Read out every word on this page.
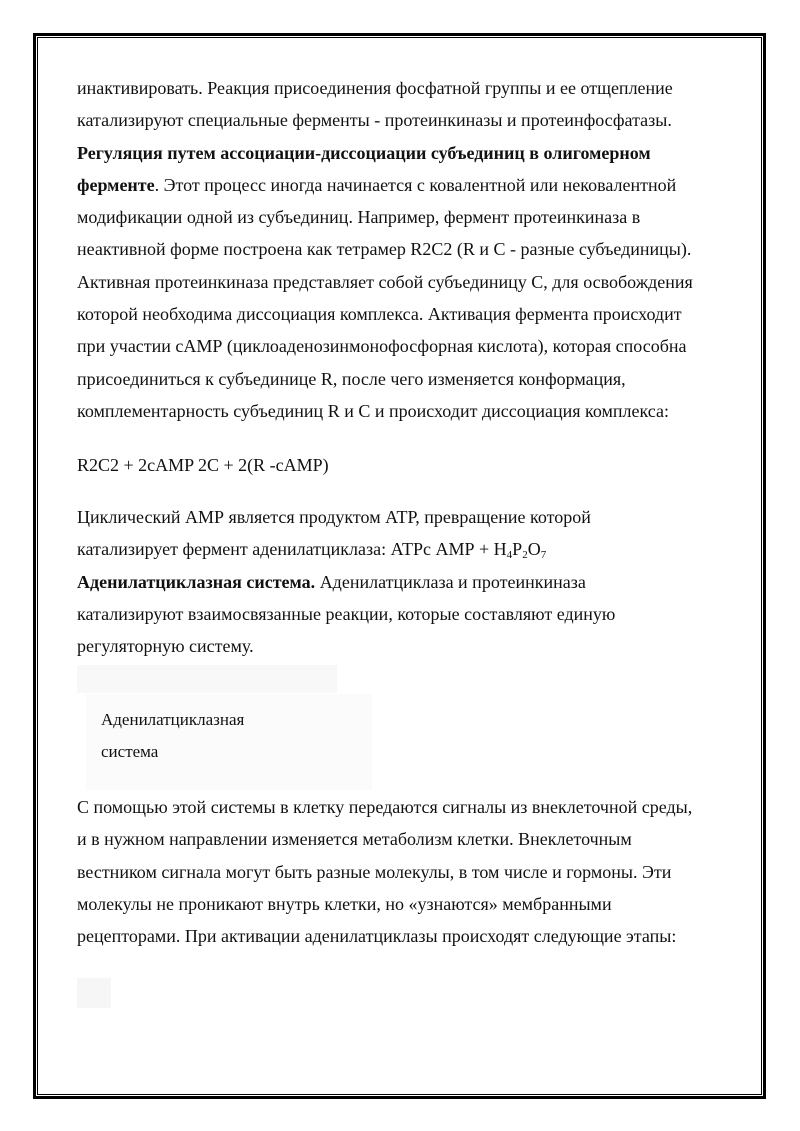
инактивировать. Реакция присоединения фосфатной группы и ее отщепление
катализируют специальные ферменты - протеинкиназы и протеинфосфатазы.
Регуляция путем ассоциации-диссоциации субъединиц в олигомерном
ферменте. Этот процесс иногда начинается с ковалентной или нековалентной
модификации одной из субъединиц. Например, фермент протеинкиназа в
неактивной форме построена как тетрамер R2C2 (R и С - разные субъединицы).
Активная протеинкиназа представляет собой субъединицу С, для освобождения
которой необходима диссоциация комплекса. Активация фермента происходит
при участии сАМР (циклоаденозинмонофосфорная кислота), которая способна
присоединиться к субъединице R, после чего изменяется конформация,
комплементарность субъединиц R и С и происходит диссоциация комплекса:
R2C2 + 2cAMP 2C + 2(R -cAMP)
Циклический АМР является продуктом АТР, превращение которой
катализирует фермент аденилатциклаза: АТРс АМР + $Н_4Р_2О_7$
Аденилатциклазная система. Аденилатциклаза и протеинкиназа
катализируют взаимосвязанные реакции, которые составляют единую
регуляторную систему.
Аденилатциклазная
система
С помощью этой системы в клетку передаются сигналы из внеклеточной среды,
и в нужном направлении изменяется метаболизм клетки. Внеклеточным
вестником сигнала могут быть разные молекулы, в том числе и гормоны. Эти
молекулы не проникают внутрь клетки, но «узнаются» мембранными
рецепторами. При активации аденилатциклазы происходят следующие этапы:
